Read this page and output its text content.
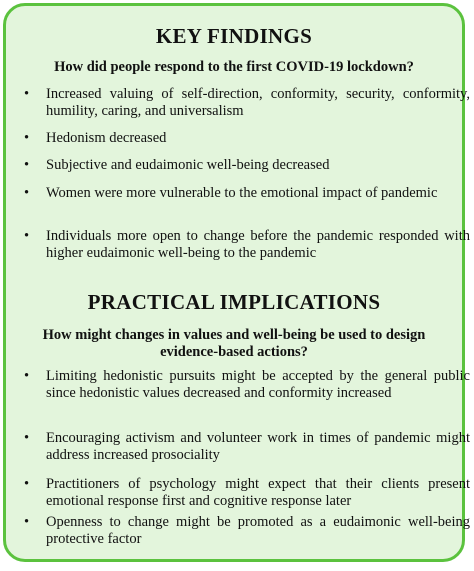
KEY FINDINGS
How did people respond to the first COVID-19 lockdown?
• Increased valuing of self-direction, conformity, security, conformity, humility, caring, and universalism
• Hedonism decreased
• Subjective and eudaimonic well-being decreased
• Women were more vulnerable to the emotional impact of pandemic
• Individuals more open to change before the pandemic responded with higher eudaimonic well-being to the pandemic
PRACTICAL IMPLICATIONS
How might changes in values and well-being be used to design evidence-based actions?
• Limiting hedonistic pursuits might be accepted by the general public since hedonistic values decreased and conformity increased
• Encouraging activism and volunteer work in times of pandemic might address increased prosociality
• Practitioners of psychology might expect that their clients present emotional response first and cognitive response later
• Openness to change might be promoted as a eudaimonic well-being protective factor
